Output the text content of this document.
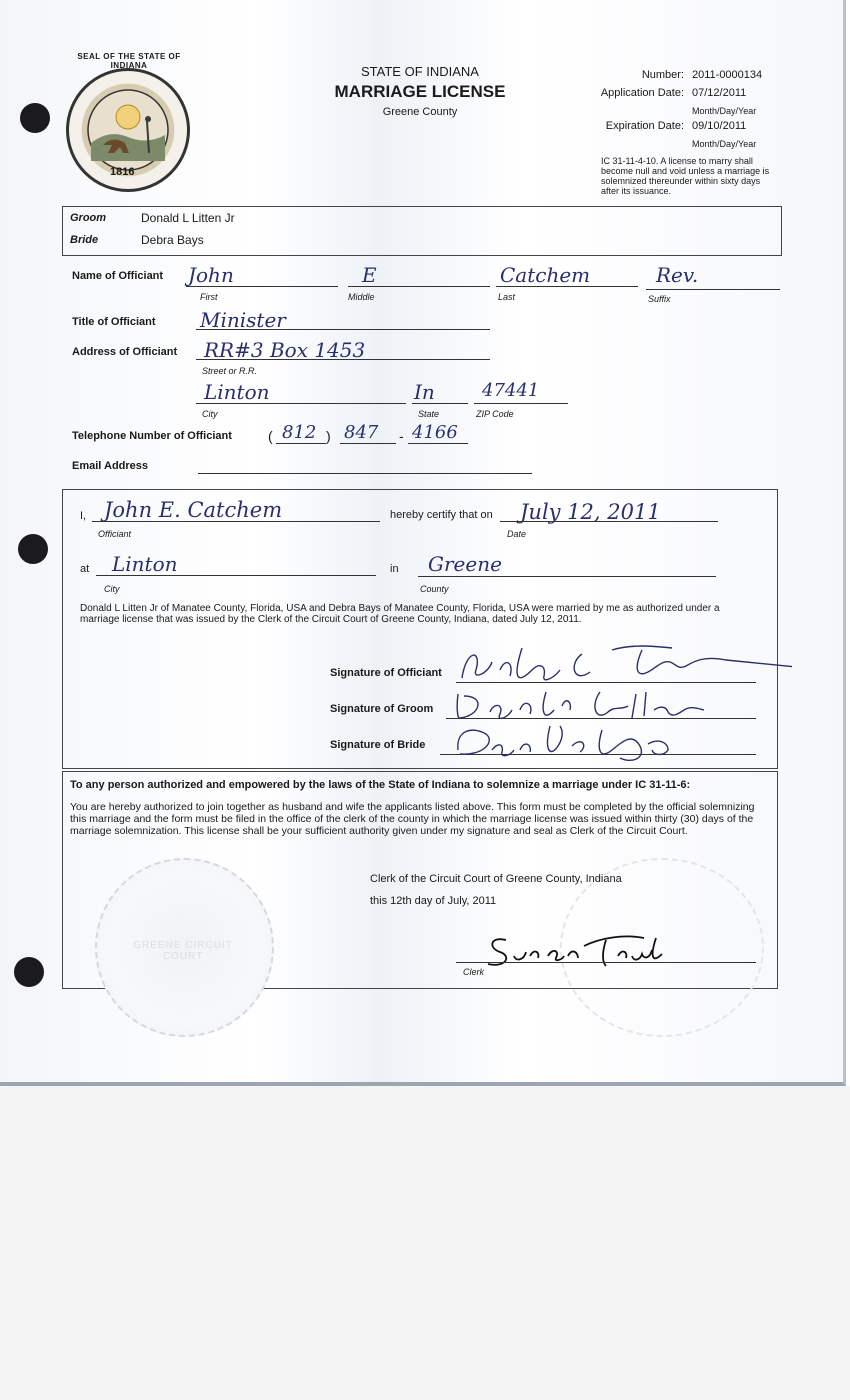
SEAL OF THE STATE OF INDIANA
1816
STATE OF INDIANA
MARRIAGE LICENSE
Greene County
Number: 2011-0000134
Application Date: 07/12/2011
Month/Day/Year
Expiration Date: 09/10/2011
Month/Day/Year
IC 31-11-4-10. A license to marry shall become null and void unless a marriage is solemnized thereunder within sixty days after its issuance.
Groom	Donald L Litten Jr
Bride	Debra Bays
Name of Officiant John	E	Catchem	Rev.
First	Middle	Last	Suffix
Title of Officiant Minister
Address of Officiant RR#3 Box 1453
Street or R.R.
Linton	In	47441
City	State	ZIP Code
Telephone Number of Officiant	( 812 ) 847 - 4166
Email Address
I, John E. Catchem
Officiant
hereby certify that on July 12, 2011
Date
at Linton
City
in Greene
County
Donald L Litten Jr of Manatee County, Florida, USA and Debra Bays of Manatee County, Florida, USA were married by me as authorized under a marriage license that was issued by the Clerk of the Circuit Court of Greene County, Indiana, dated July 12, 2011.
Signature of Officiant
Signature of Groom
Signature of Bride
To any person authorized and empowered by the laws of the State of Indiana to solemnize a marriage under IC 31-11-6:
You are hereby authorized to join together as husband and wife the applicants listed above. This form must be completed by the official solemnizing this marriage and the form must be filed in the office of the clerk of the county in which the marriage license was issued within thirty (30) days of the marriage solemnization. This license shall be your sufficient authority given under my signature and seal as Clerk of the Circuit Court.
GREENE CIRCUIT COURT
Clerk of the Circuit Court of Greene County, Indiana
this 12th day of July, 2011
Clerk
